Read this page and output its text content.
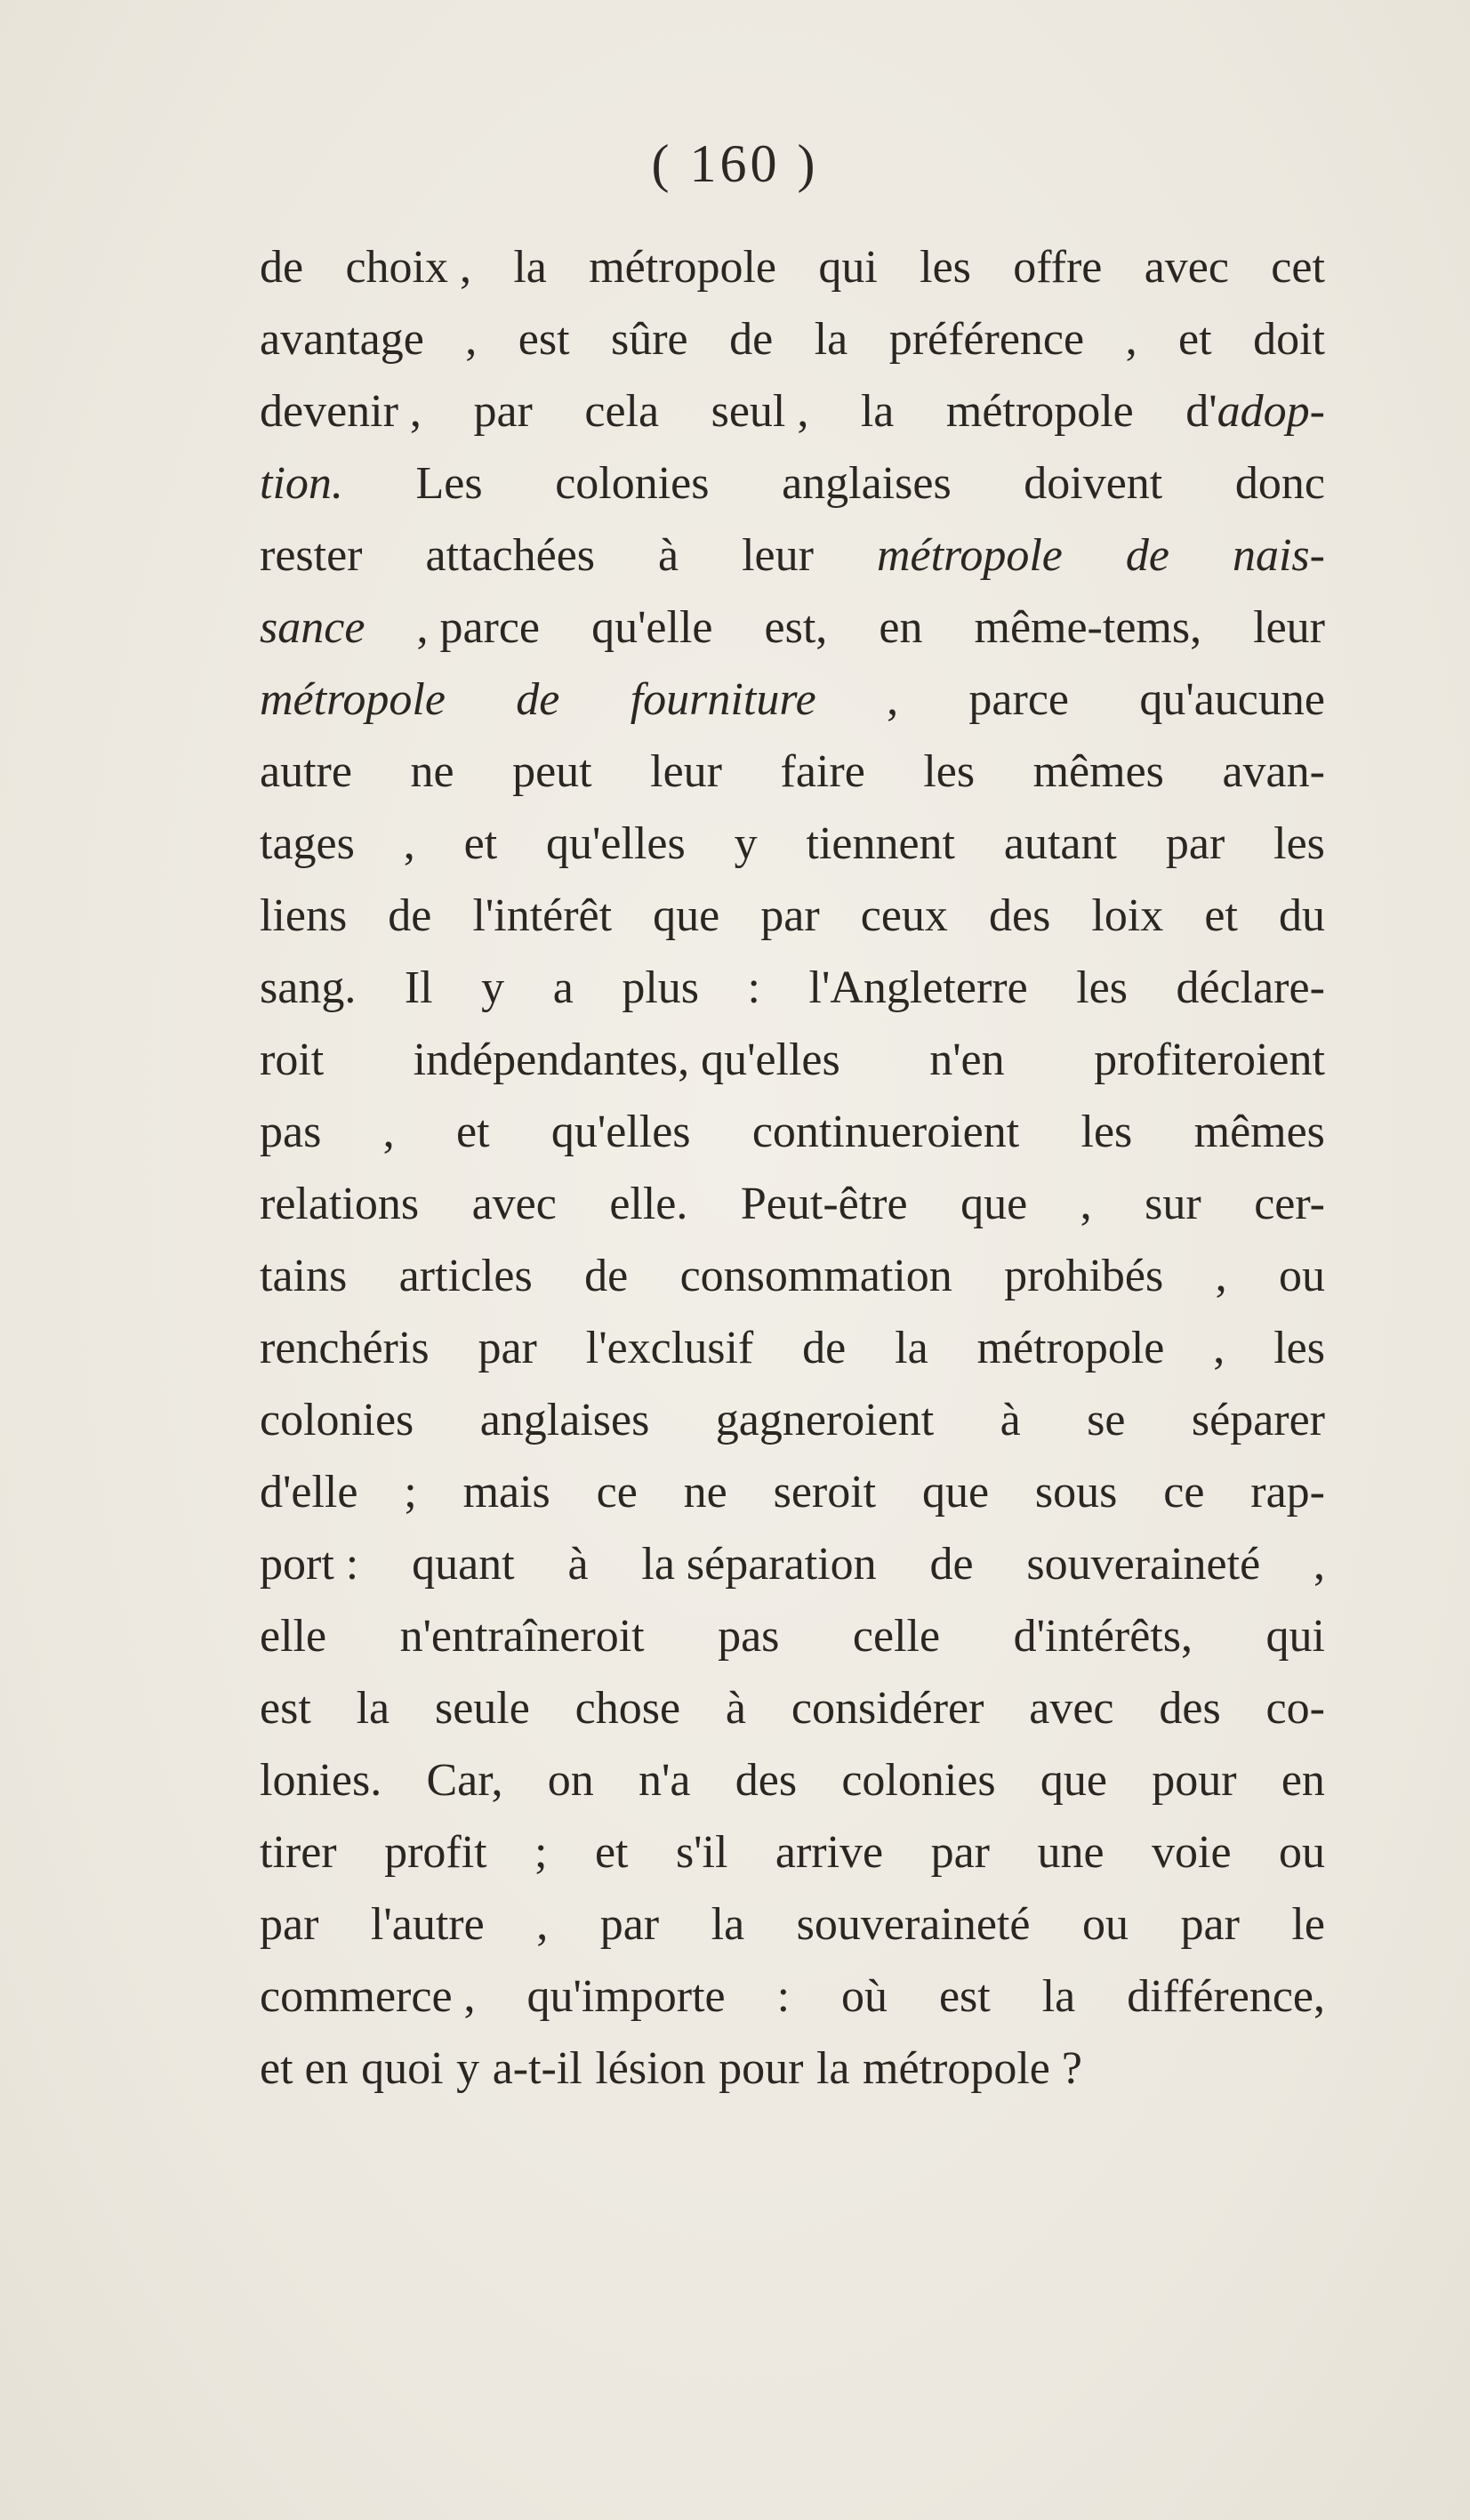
( 160 )
de choix , la métropole qui les offre avec cet
avantage , est sûre de la préférence , et doit
devenir , par cela seul , la métropole d'adop-
tion. Les colonies anglaises doivent donc
rester attachées à leur métropole de nais-
sance , parce qu'elle est, en même-tems, leur
métropole de fourniture , parce qu'aucune
autre ne peut leur faire les mêmes avan-
tages , et qu'elles y tiennent autant par les
liens de l'intérêt que par ceux des loix et du
sang. Il y a plus : l'Angleterre les déclare-
roit indépendantes, qu'elles n'en profiteroient
pas , et qu'elles continueroient les mêmes
relations avec elle. Peut-être que , sur cer-
tains articles de consommation prohibés , ou
renchéris par l'exclusif de la métropole , les
colonies anglaises gagneroient à se séparer
d'elle ; mais ce ne seroit que sous ce rap-
port : quant à la séparation de souveraineté ,
elle n'entraîneroit pas celle d'intérêts, qui
est la seule chose à considérer avec des co-
lonies. Car, on n'a des colonies que pour en
tirer profit ; et s'il arrive par une voie ou
par l'autre , par la souveraineté ou par le
commerce , qu'importe : où est la différence,
et en quoi y a-t-il lésion pour la métropole ?
